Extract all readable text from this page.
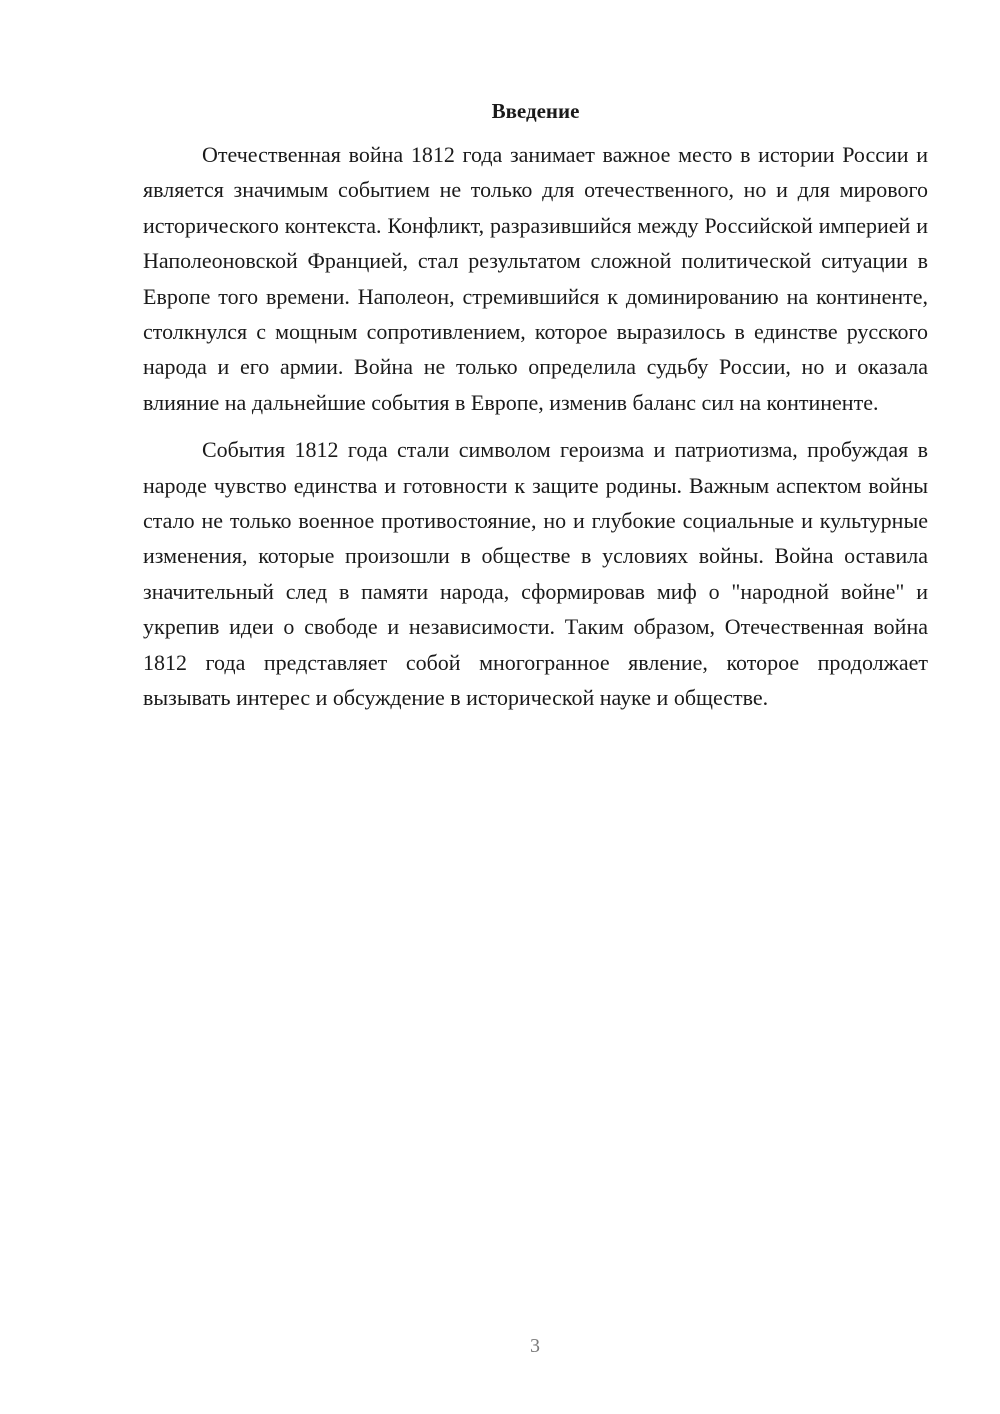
Введение

Отечественная война 1812 года занимает важное место в истории России и является значимым событием не только для отечественного, но и для мирового исторического контекста. Конфликт, разразившийся между Российской империей и Наполеоновской Францией, стал результатом сложной политической ситуации в Европе того времени. Наполеон, стремившийся к доминированию на континенте, столкнулся с мощным сопротивлением, которое выразилось в единстве русского народа и его армии. Война не только определила судьбу России, но и оказала влияние на дальнейшие события в Европе, изменив баланс сил на континенте.

События 1812 года стали символом героизма и патриотизма, пробуждая в народе чувство единства и готовности к защите родины. Важным аспектом войны стало не только военное противостояние, но и глубокие социальные и культурные изменения, которые произошли в обществе в условиях войны. Война оставила значительный след в памяти народа, сформировав миф о "народной войне" и укрепив идеи о свободе и независимости. Таким образом, Отечественная война 1812 года представляет собой многогранное явление, которое продолжает вызывать интерес и обсуждение в исторической науке и обществе.

3
